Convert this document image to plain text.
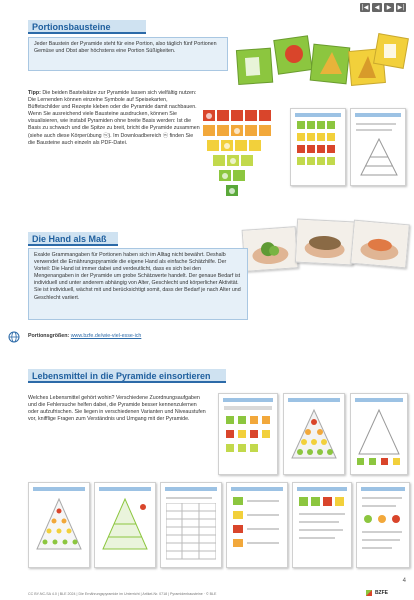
|◀	◀	▶	▶|
Portionsbausteine
Jeder Baustein der Pyramide steht für eine Portion, also täglich fünf Portionen Gemüse und Obst aber höchstens eine Portion Süßigkeiten.
Tipp: Die beiden Bastelsätze zur Pyramide lassen sich vielfältig nutzen: Die Lernenden können einzelne Symbole auf Speisekarten, Büffetschilder und Rezepte kleben oder die Pyramide damit nachbauen. Wenn Sie ausreichend viele Bausteine ausdrucken, können Sie visualisieren, wie instabil Pyramiden ohne breite Basis werden: Ist die Basis zu schwach und die Spitze zu breit, bricht die Pyramide zusammen (siehe auch diese Körperübung ⓦ). Im Downloadbereich ⓦ finden Sie die Bausteine auch einzeln als PDF-Datei.
Die Hand als Maß
Exakte Grammangaben für Portionen haben sich im Alltag nicht bewährt. Deshalb verwendet die Ernährungspyramide die eigene Hand als einfache Schätzhilfe. Der Vorteil: Die Hand ist immer dabei und verdeutlicht, dass es sich bei den Mengenangaben in der Pyramide um grobe Schätzwerte handelt. Der genaue Bedarf ist individuell und unter anderem abhängig von Alter, Geschlecht und körperlicher Aktivität. Sie ist individuell, wächst mit und berücksichtigt somit, dass der Bedarf je nach Alter und Geschlecht variiert.
Portionsgrößen: www.bzfe.de/wie-viel-esse-ich
Lebensmittel in die Pyramide einsortieren
Welches Lebensmittel gehört wohin? Verschiedene Zuordnungsaufgaben und die Fehlersuche helfen dabei, die Pyramide besser kennenzulernen oder aufzufrischen. Sie liegen in verschiedenen Varianten und Niveaustufen vor, knifflige Fragen zum Verständnis und Umgang mit der Pyramide.
4
CC BY-NC-SA 4.0 | BLE 2024 | Die Ernährungspyramide im Unterricht | Artikel-Nr. 0718 | Pyramidenbausteine · © BLE	BZFE
